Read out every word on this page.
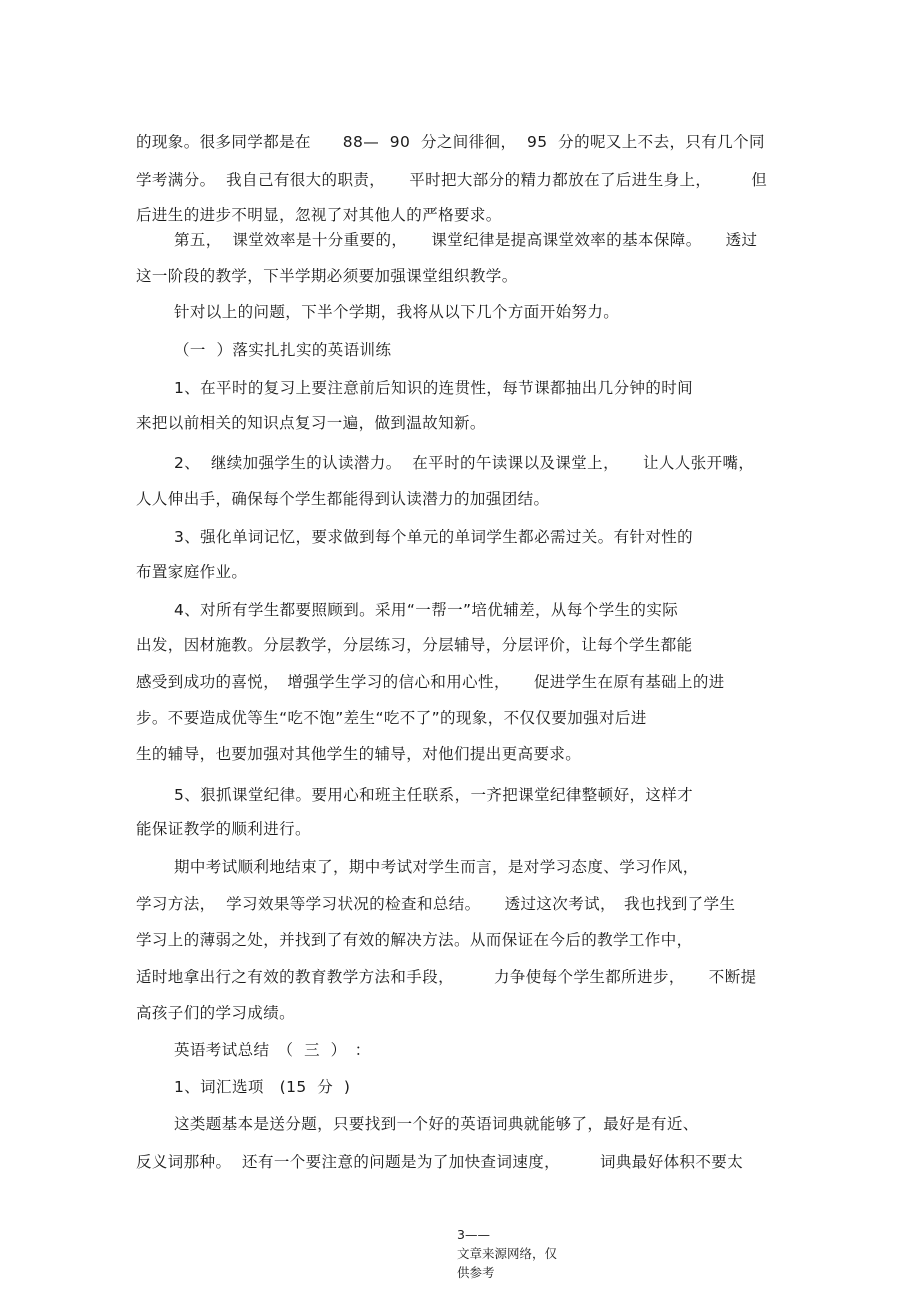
的现象。很多同学都是在　　88—  90  分之间徘徊，  95  分的呢又上不去，只有几个同
学考满分。  我自己有很大的职责，　　平时把大部分的精力都放在了后进生身上，　　　但
后进生的进步不明显，忽视了对其他人的严格要求。
第五，  课堂效率是十分重要的，　　课堂纪律是提高课堂效率的基本保障。　　透过
这一阶段的教学，下半学期必须要加强课堂组织教学。
针对以上的问题，下半个学期，我将从以下几个方面开始努力。
（一  ）落实扎扎实的英语训练
1、在平时的复习上要注意前后知识的连贯性，每节课都抽出几分钟的时间
来把以前相关的知识点复习一遍，做到温故知新。
2、  继续加强学生的认读潜力。  在平时的午读课以及课堂上，　　让人人张开嘴，
人人伸出手，确保每个学生都能得到认读潜力的加强团结。
3、强化单词记忆，要求做到每个单元的单词学生都必需过关。有针对性的
布置家庭作业。
4、对所有学生都要照顾到。采用“一帮一”培优辅差，从每个学生的实际
出发，因材施教。分层教学，分层练习，分层辅导，分层评价，让每个学生都能
感受到成功的喜悦，　增强学生学习的信心和用心性，　　促进学生在原有基础上的进
步。不要造成优等生“吃不饱”差生“吃不了”的现象，不仅仅要加强对后进
生的辅导，也要加强对其他学生的辅导，对他们提出更高要求。
5、狠抓课堂纪律。要用心和班主任联系，一齐把课堂纪律整顿好，这样才
能保证教学的顺利进行。
期中考试顺利地结束了，期中考试对学生而言，是对学习态度、学习作风，
学习方法，  学习效果等学习状况的检查和总结。　　透过这次考试，　我也找到了学生
学习上的薄弱之处，并找到了有效的解决方法。从而保证在今后的教学工作中，
适时地拿出行之有效的教育教学方法和手段，　　　力争使每个学生都所进步，　　不断提
高孩子们的学习成绩。
英语考试总结　（  三  ）　：
1、词汇选项　(15  分  )
这类题基本是送分题，只要找到一个好的英语词典就能够了，最好是有近、
反义词那种。  还有一个要注意的问题是为了加快查词速度，　　　词典最好体积不要太
3——
文章来源网络，仅
供参考
